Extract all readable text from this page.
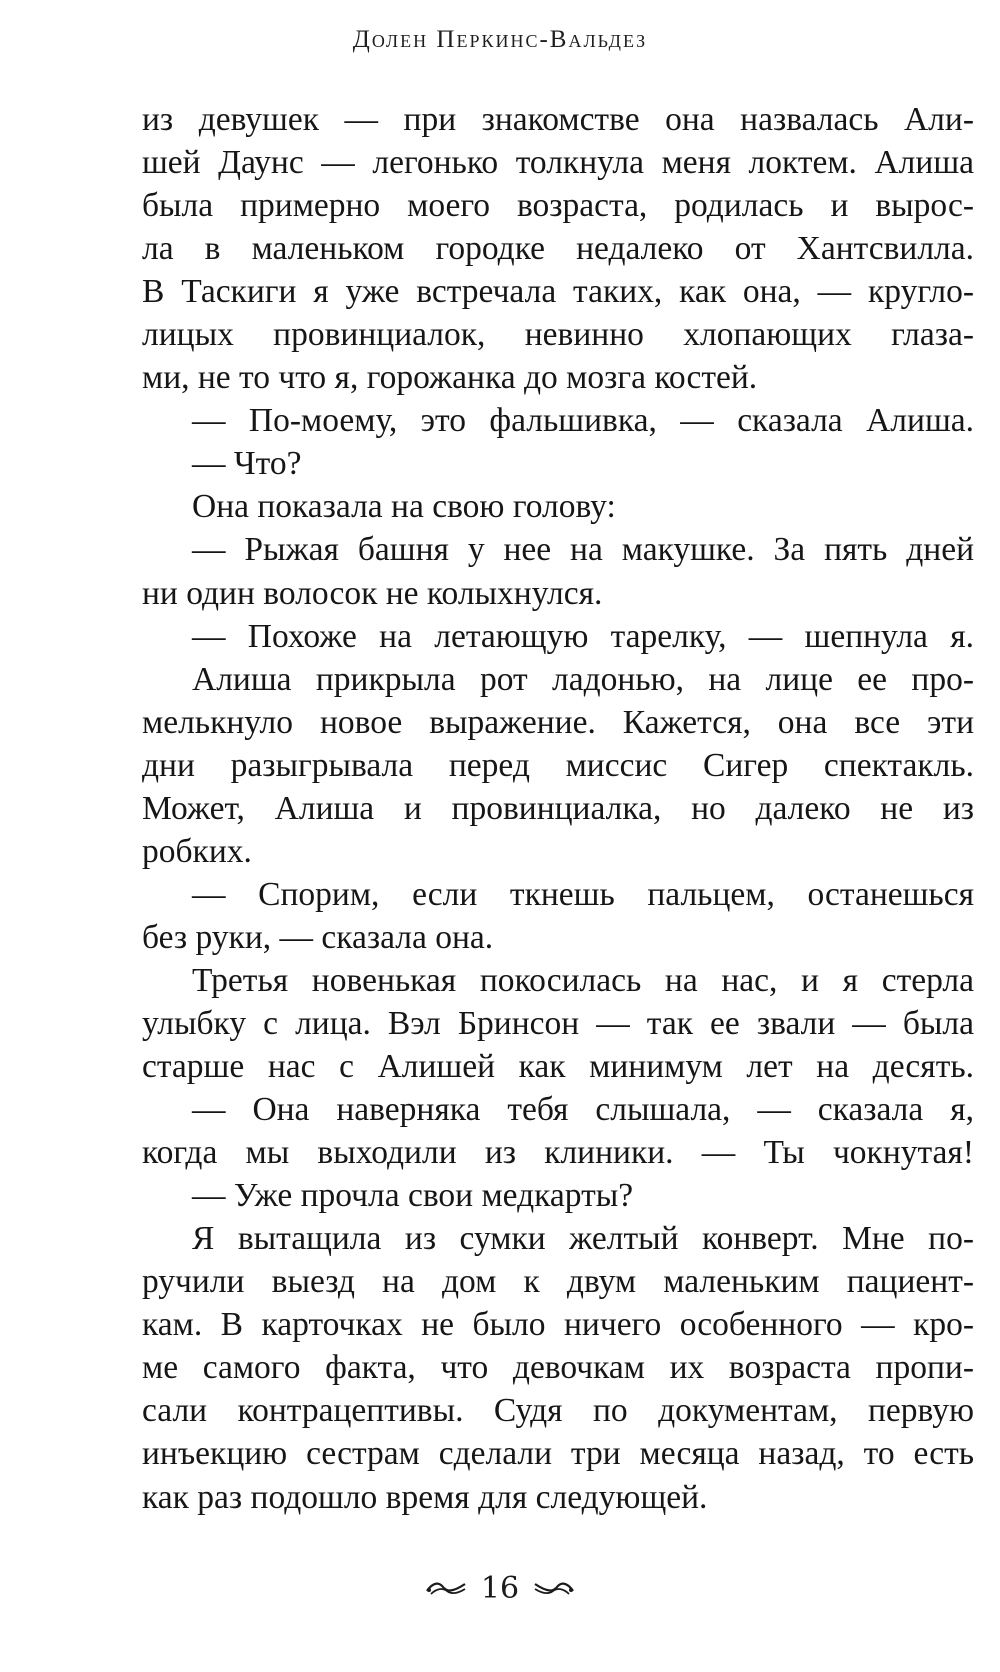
Долен Перкинс-Вальдез
из девушек — при знакомстве она назвалась Али-
шей Даунс — легонько толкнула меня локтем. Алиша
была примерно моего возраста, родилась и вырос-
ла в маленьком городке недалеко от Хантсвилла.
В Таскиги я уже встречала таких, как она, — кругло-
лицых провинциалок, невинно хлопающих глаза-
ми, не то что я, горожанка до мозга костей.
— По-моему, это фальшивка, — сказала Алиша.
— Что?
Она показала на свою голову:
— Рыжая башня у нее на макушке. За пять дней
ни один волосок не колыхнулся.
— Похоже на летающую тарелку, — шепнула я.
Алиша прикрыла рот ладонью, на лице ее про-
мелькнуло новое выражение. Кажется, она все эти
дни разыгрывала перед миссис Сигер спектакль.
Может, Алиша и провинциалка, но далеко не из
робких.
— Спорим, если ткнешь пальцем, останешься
без руки, — сказала она.
Третья новенькая покосилась на нас, и я стерла
улыбку с лица. Вэл Бринсон — так ее звали — была
старше нас с Алишей как минимум лет на десять.
— Она наверняка тебя слышала, — сказала я,
когда мы выходили из клиники. — Ты чокнутая!
— Уже прочла свои медкарты?
Я вытащила из сумки желтый конверт. Мне по-
ручили выезд на дом к двум маленьким пациент-
кам. В карточках не было ничего особенного — кро-
ме самого факта, что девочкам их возраста пропи-
сали контрацептивы. Судя по документам, первую
инъекцию сестрам сделали три месяца назад, то есть
как раз подошло время для следующей.
16
